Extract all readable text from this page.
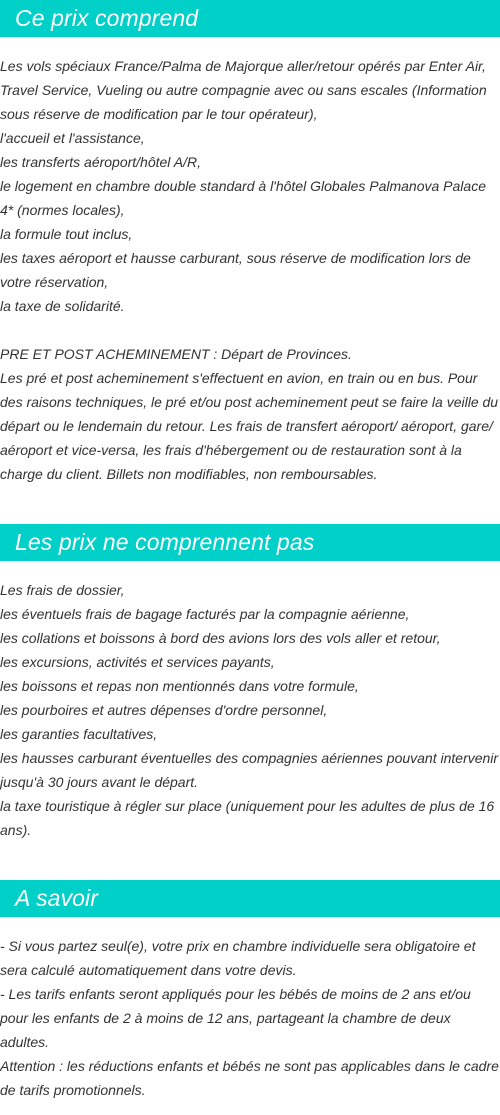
Ce prix comprend

Les vols spéciaux France/Palma de Majorque aller/retour opérés par Enter Air, Travel Service, Vueling ou autre compagnie avec ou sans escales (Information sous réserve de modification par le tour opérateur),

l'accueil et l'assistance,

les transferts aéroport/hôtel A/R,

le logement en chambre double standard à l'hôtel Globales Palmanova Palace 4* (normes locales),

la formule tout inclus,

les taxes aéroport et hausse carburant, sous réserve de modification lors de votre réservation,

la taxe de solidarité.

PRE ET POST ACHEMINEMENT : Départ de Provinces.

Les pré et post acheminement s'effectuent en avion, en train ou en bus. Pour des raisons techniques, le pré et/ou post acheminement peut se faire la veille du départ ou le lendemain du retour. Les frais de transfert aéroport/ aéroport, gare/ aéroport et vice-versa, les frais d'hébergement ou de restauration sont à la charge du client. Billets non modifiables, non remboursables.

Les prix ne comprennent pas

Les frais de dossier,

les éventuels frais de bagage facturés par la compagnie aérienne,

les collations et boissons à bord des avions lors des vols aller et retour,

les excursions, activités et services payants,

les boissons et repas non mentionnés dans votre formule,

les pourboires et autres dépenses d'ordre personnel,

les garanties facultatives,

les hausses carburant éventuelles des compagnies aériennes pouvant intervenir jusqu'à 30 jours avant le départ.

la taxe touristique à régler sur place (uniquement pour les adultes de plus de 16 ans).

A savoir

- Si vous partez seul(e), votre prix en chambre individuelle sera obligatoire et sera calculé automatiquement dans votre devis.

- Les tarifs enfants seront appliqués pour les bébés de moins de 2 ans et/ou pour les enfants de 2 à moins de 12 ans, partageant la chambre de deux adultes.

Attention : les réductions enfants et bébés ne sont pas applicables dans le cadre de tarifs promotionnels.
